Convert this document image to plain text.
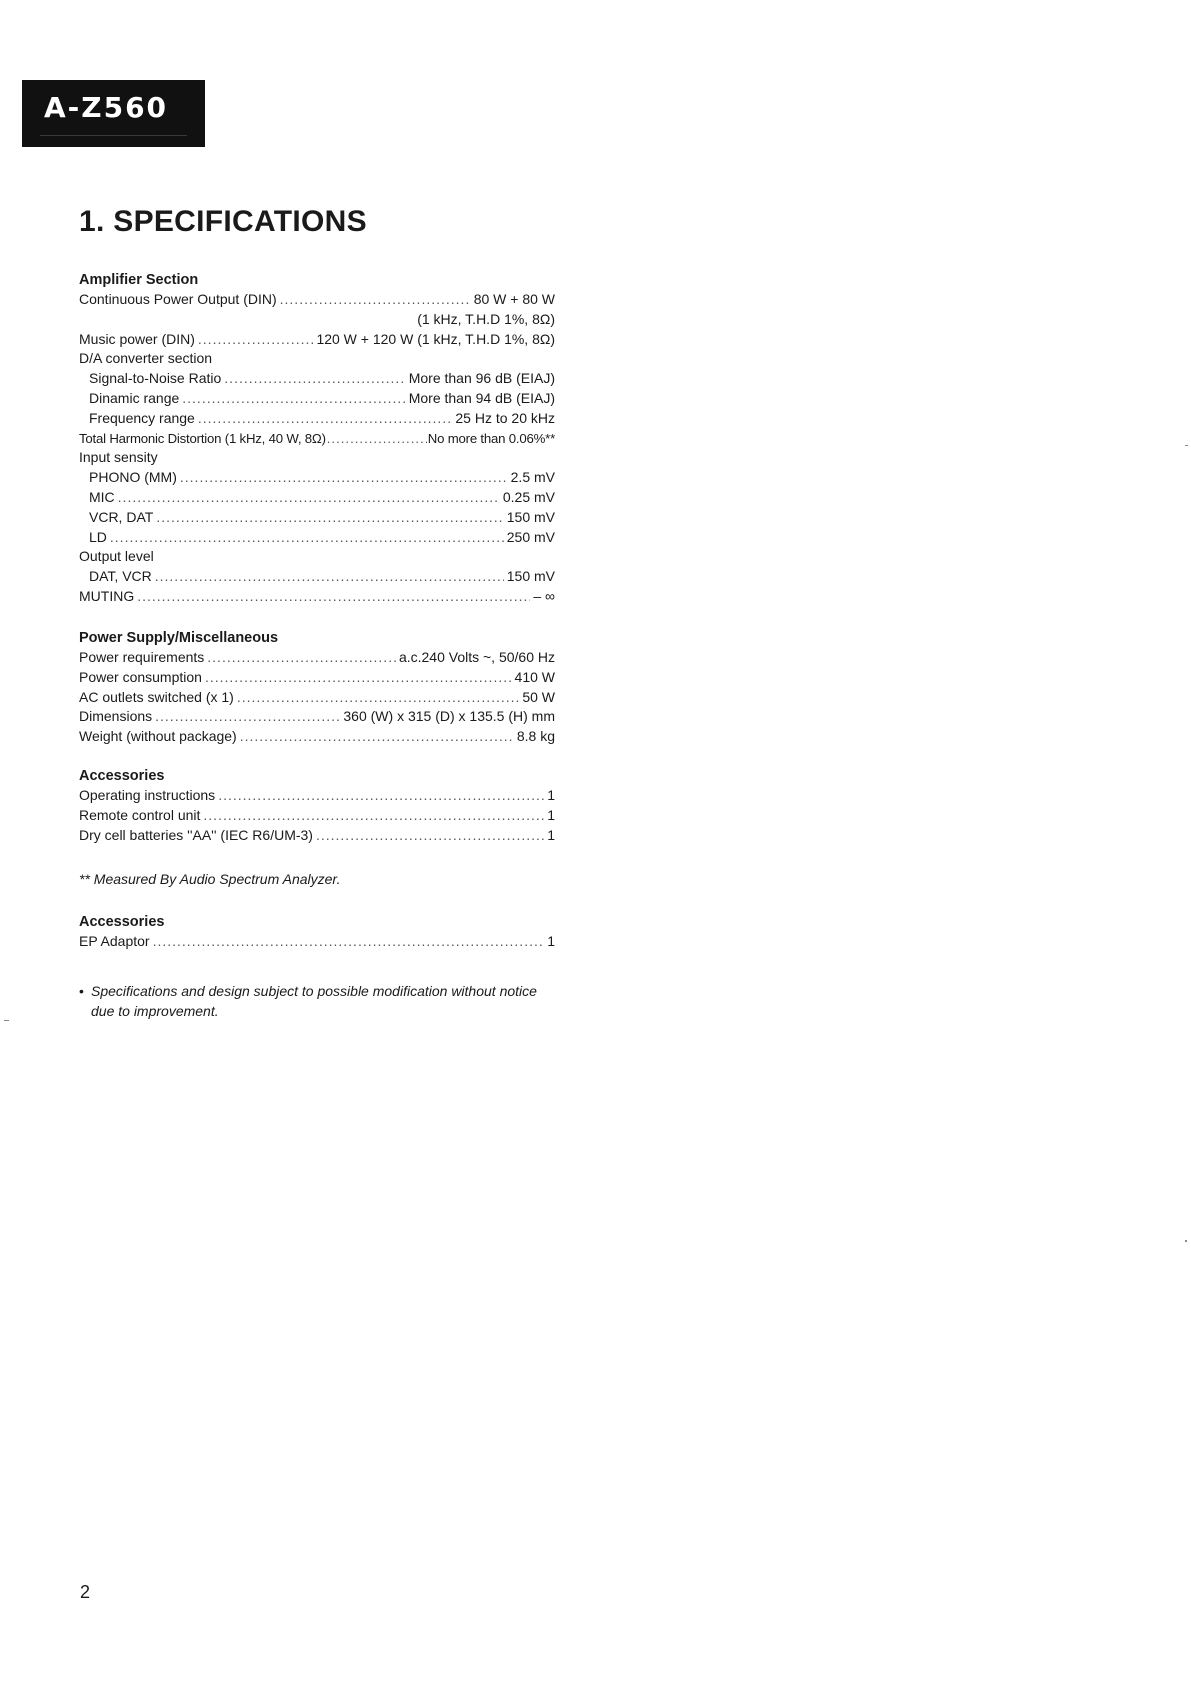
A-Z560
1. SPECIFICATIONS
Amplifier Section
Continuous Power Output (DIN) .....	80 W + 80 W
(1 kHz, T.H.D 1%, 8Ω)
Music power (DIN) .....	120 W + 120 W (1 kHz, T.H.D 1%, 8Ω)
D/A converter section
Signal-to-Noise Ratio .....	More than 96 dB (EIAJ)
Dinamic range .....	More than 94 dB (EIAJ)
Frequency range .....	25 Hz to 20 kHz
Total Harmonic Distortion (1 kHz, 40 W, 8Ω) .....	No more than 0.06%**
Input sensity
PHONO (MM) .....	2.5 mV
MIC .....	0.25 mV
VCR, DAT .....	150 mV
LD .....	250 mV
Output level
DAT, VCR .....	150 mV
MUTING .....	– ∞
Power Supply/Miscellaneous
Power requirements .....	a.c.240 Volts ~, 50/60 Hz
Power consumption .....	410 W
AC outlets switched (x 1) .....	50 W
Dimensions .....	360 (W) x 315 (D) x 135.5 (H) mm
Weight (without package) .....	8.8 kg
Accessories
Operating instructions .....	1
Remote control unit .....	1
Dry cell batteries ''AA'' (IEC R6/UM-3) .....	1
** Measured By Audio Spectrum Analyzer.
Accessories
EP Adaptor .....	1
• Specifications and design subject to possible modification without notice due to improvement.
2
